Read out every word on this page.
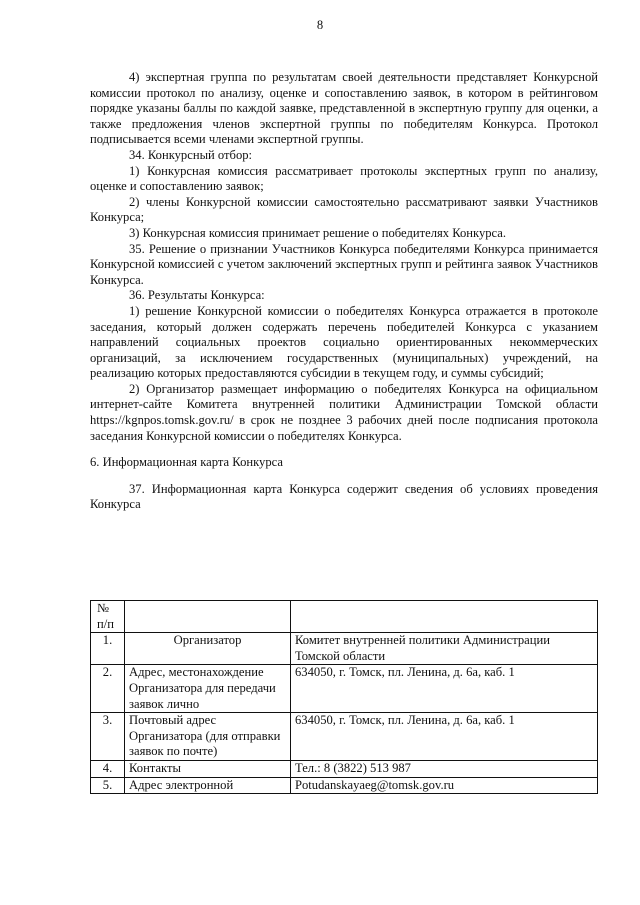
8

4) экспертная группа по результатам своей деятельности представляет Конкурсной комиссии протокол по анализу, оценке и сопоставлению заявок, в котором в рейтинговом порядке указаны баллы по каждой заявке, представленной в экспертную группу для оценки, а также предложения членов экспертной группы по победителям Конкурса. Протокол подписывается всеми членами экспертной группы.

34. Конкурсный отбор:

1) Конкурсная комиссия рассматривает протоколы экспертных групп по анализу, оценке и сопоставлению заявок;

2) члены Конкурсной комиссии самостоятельно рассматривают заявки Участников Конкурса;

3) Конкурсная комиссия принимает решение о победителях Конкурса.

35. Решение о признании Участников Конкурса победителями Конкурса принимается Конкурсной комиссией с учетом заключений экспертных групп и рейтинга заявок Участников Конкурса.

36. Результаты Конкурса:

1) решение Конкурсной комиссии о победителях Конкурса отражается в протоколе заседания, который должен содержать перечень победителей Конкурса с указанием направлений социальных проектов социально ориентированных некоммерческих организаций, за исключением государственных (муниципальных) учреждений, на реализацию которых предоставляются субсидии в текущем году, и суммы субсидий;

2) Организатор размещает информацию о победителях Конкурса на официальном интернет-сайте Комитета внутренней политики Администрации Томской области https://kgnpos.tomsk.gov.ru/ в срок не позднее 3 рабочих дней после подписания протокола заседания Конкурсной комиссии о победителях Конкурса.

6. Информационная карта Конкурса

37. Информационная карта Конкурса содержит сведения об условиях проведения Конкурса

№ п/п		
1.	Организатор	Комитет внутренней политики Администрации Томской области
2.	Адрес, местонахождение Организатора для передачи заявок лично	634050, г. Томск, пл. Ленина, д. 6а, каб. 1
3.	Почтовый адрес Организатора (для отправки заявок по почте)	634050, г. Томск, пл. Ленина, д. 6а, каб. 1
4.	Контакты	Тел.: 8 (3822) 513 987
5.	Адрес электронной	Potudanskayaeg@tomsk.gov.ru
